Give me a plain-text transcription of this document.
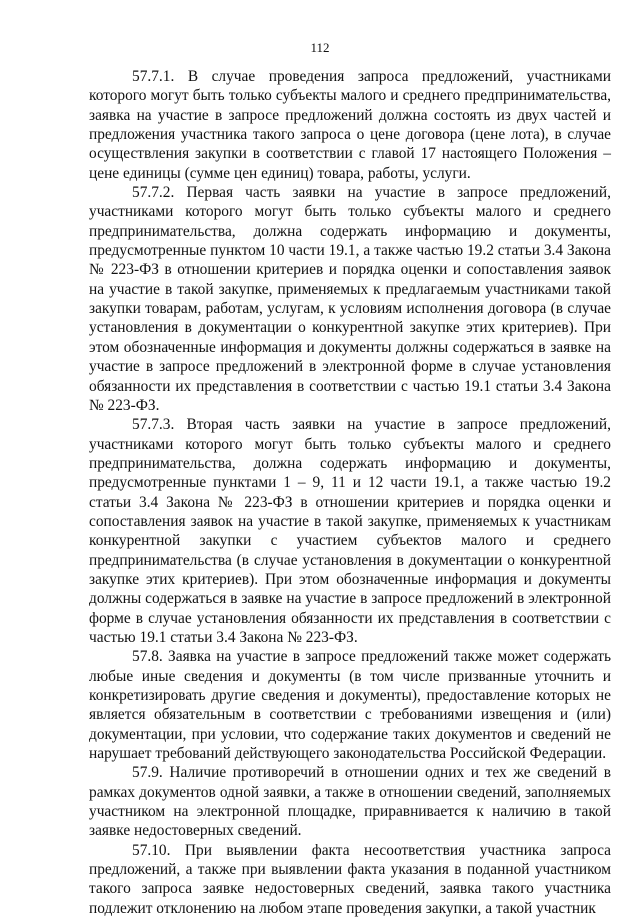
112

57.7.1. В случае проведения запроса предложений, участниками которого могут быть только субъекты малого и среднего предпринимательства, заявка на участие в запросе предложений должна состоять из двух частей и предложения участника такого запроса о цене договора (цене лота), в случае осуществления закупки в соответствии с главой 17 настоящего Положения – цене единицы (сумме цен единиц) товара, работы, услуги.

57.7.2. Первая часть заявки на участие в запросе предложений, участниками которого могут быть только субъекты малого и среднего предпринимательства, должна содержать информацию и документы, предусмотренные пунктом 10 части 19.1, а также частью 19.2 статьи 3.4 Закона № 223-ФЗ в отношении критериев и порядка оценки и сопоставления заявок на участие в такой закупке, применяемых к предлагаемым участниками такой закупки товарам, работам, услугам, к условиям исполнения договора (в случае установления в документации о конкурентной закупке этих критериев). При этом обозначенные информация и документы должны содержаться в заявке на участие в запросе предложений в электронной форме в случае установления обязанности их представления в соответствии с частью 19.1 статьи 3.4 Закона № 223-ФЗ.

57.7.3. Вторая часть заявки на участие в запросе предложений, участниками которого могут быть только субъекты малого и среднего предпринимательства, должна содержать информацию и документы, предусмотренные пунктами 1 – 9, 11 и 12 части 19.1, а также частью 19.2 статьи 3.4 Закона № 223-ФЗ в отношении критериев и порядка оценки и сопоставления заявок на участие в такой закупке, применяемых к участникам конкурентной закупки с участием субъектов малого и среднего предпринимательства (в случае установления в документации о конкурентной закупке этих критериев). При этом обозначенные информация и документы должны содержаться в заявке на участие в запросе предложений в электронной форме в случае установления обязанности их представления в соответствии с частью 19.1 статьи 3.4 Закона № 223-ФЗ.

57.8. Заявка на участие в запросе предложений также может содержать любые иные сведения и документы (в том числе призванные уточнить и конкретизировать другие сведения и документы), предоставление которых не является обязательным в соответствии с требованиями извещения и (или) документации, при условии, что содержание таких документов и сведений не нарушает требований действующего законодательства Российской Федерации.

57.9. Наличие противоречий в отношении одних и тех же сведений в рамках документов одной заявки, а также в отношении сведений, заполняемых участником на электронной площадке, приравнивается к наличию в такой заявке недостоверных сведений.

57.10. При выявлении факта несоответствия участника запроса предложений, а также при выявлении факта указания в поданной участником такого запроса заявке недостоверных сведений, заявка такого участника подлежит отклонению на любом этапе проведения закупки, а такой участник
